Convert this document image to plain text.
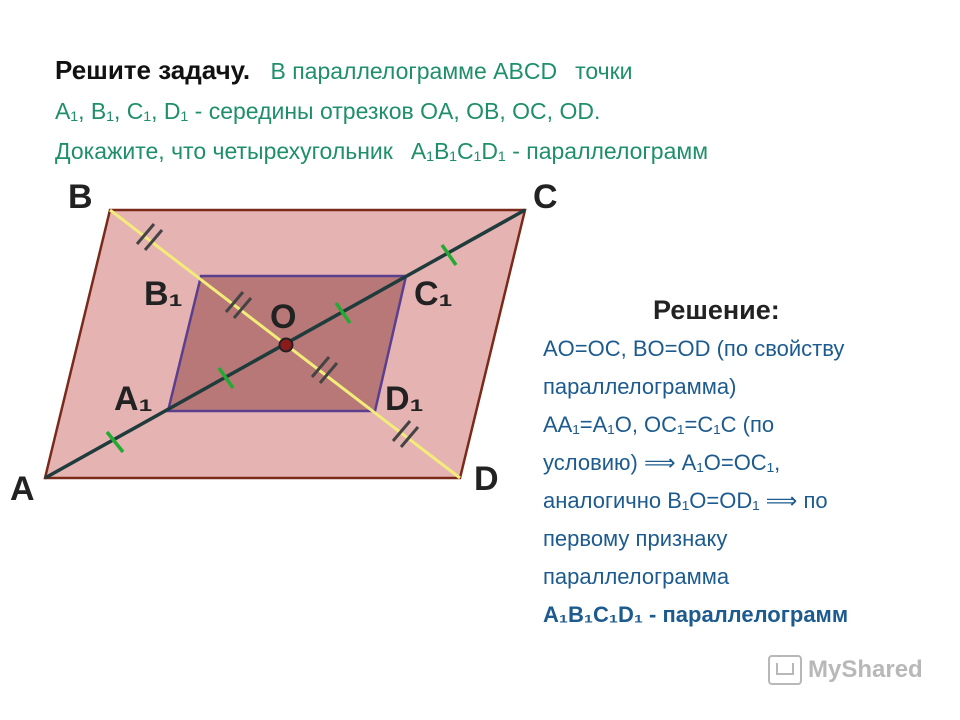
Решите задачу. В параллелограмме ABCD точки
A₁, B₁, C₁, D₁ - середины отрезков OA, OB, OC, OD.
Докажите, что четырехугольник A₁B₁C₁D₁ - параллелограмм
B	C
A	D
O
B₁	C₁
A₁	D₁
Решение:
AO=OC, BO=OD (по свойству
параллелограмма)
AA₁=A₁O, OC₁=C₁C (по
условию) ⟹ A₁O=OC₁,
аналогично B₁O=OD₁ ⟹ по
первому признаку
параллелограмма
A₁B₁C₁D₁ - параллелограмм
MyShared
